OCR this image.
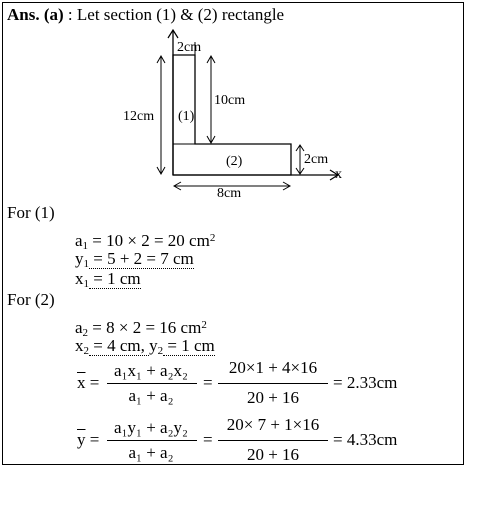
Ans. (a) : Let section (1) & (2) rectangle
2cm
12cm
10cm
(1)
(2)	2cm
8cm
x
For (1)
$a_1 = 10 \times 2 = 20$ $cm^2$
$y_1 = 5 + 2 = 7$ cm
$x_1 = 1$ cm
For (2)
$a_2 = 8 \times 2 = 16$ $cm^2$
$x_2 = 4$ cm, $y_2 = 1$ cm
$\overline{x}$ =
a₁x₁ + a₂x₂
a₁ + a₂
=
20×1 + 4×16
20 + 16
= 2.33cm
$\overline{y}$ =
a₁y₁ + a₂y₂
a₁ + a₂
=
20× 7 + 1×16
20 + 16
= 4.33cm
